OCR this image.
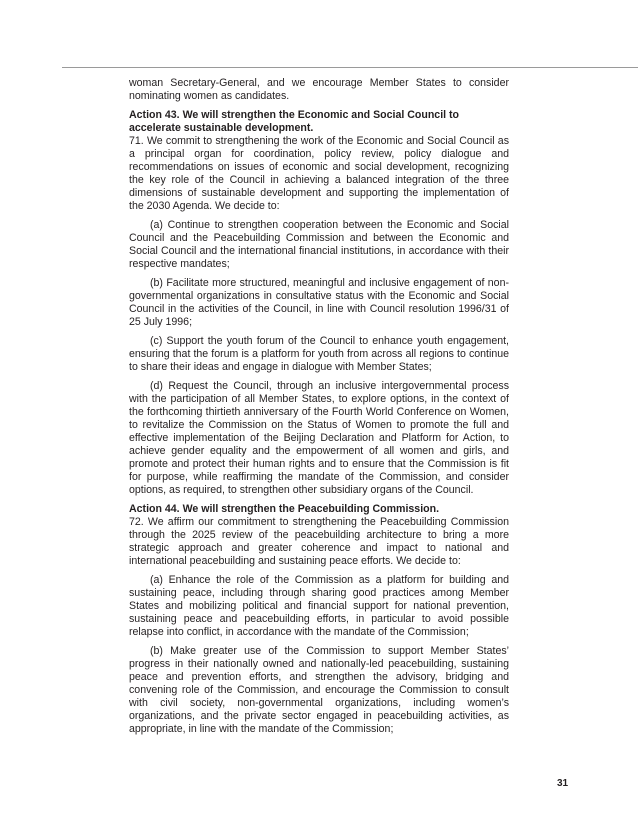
woman Secretary-General, and we encourage Member States to consider nominating women as candidates.

Action 43. We will strengthen the Economic and Social Council to accelerate sustainable development.

71. We commit to strengthening the work of the Economic and Social Council as a principal organ for coordination, policy review, policy dialogue and recommendations on issues of economic and social development, recognizing the key role of the Council in achieving a balanced integration of the three dimensions of sustainable development and supporting the implementation of the 2030 Agenda. We decide to:

(a) Continue to strengthen cooperation between the Economic and Social Council and the Peacebuilding Commission and between the Economic and Social Council and the international financial institutions, in accordance with their respective mandates;

(b) Facilitate more structured, meaningful and inclusive engagement of non-governmental organizations in consultative status with the Economic and Social Council in the activities of the Council, in line with Council resolution 1996/31 of 25 July 1996;

(c) Support the youth forum of the Council to enhance youth engagement, ensuring that the forum is a platform for youth from across all regions to continue to share their ideas and engage in dialogue with Member States;

(d) Request the Council, through an inclusive intergovernmental process with the participation of all Member States, to explore options, in the context of the forthcoming thirtieth anniversary of the Fourth World Conference on Women, to revitalize the Commission on the Status of Women to promote the full and effective implementation of the Beijing Declaration and Platform for Action, to achieve gender equality and the empowerment of all women and girls, and promote and protect their human rights and to ensure that the Commission is fit for purpose, while reaffirming the mandate of the Commission, and consider options, as required, to strengthen other subsidiary organs of the Council.

Action 44. We will strengthen the Peacebuilding Commission.

72. We affirm our commitment to strengthening the Peacebuilding Commission through the 2025 review of the peacebuilding architecture to bring a more strategic approach and greater coherence and impact to national and international peacebuilding and sustaining peace efforts. We decide to:

(a) Enhance the role of the Commission as a platform for building and sustaining peace, including through sharing good practices among Member States and mobilizing political and financial support for national prevention, sustaining peace and peacebuilding efforts, in particular to avoid possible relapse into conflict, in accordance with the mandate of the Commission;

(b) Make greater use of the Commission to support Member States’ progress in their nationally owned and nationally-led peacebuilding, sustaining peace and prevention efforts, and strengthen the advisory, bridging and convening role of the Commission, and encourage the Commission to consult with civil society, non-governmental organizations, including women’s organizations, and the private sector engaged in peacebuilding activities, as appropriate, in line with the mandate of the Commission;

31
